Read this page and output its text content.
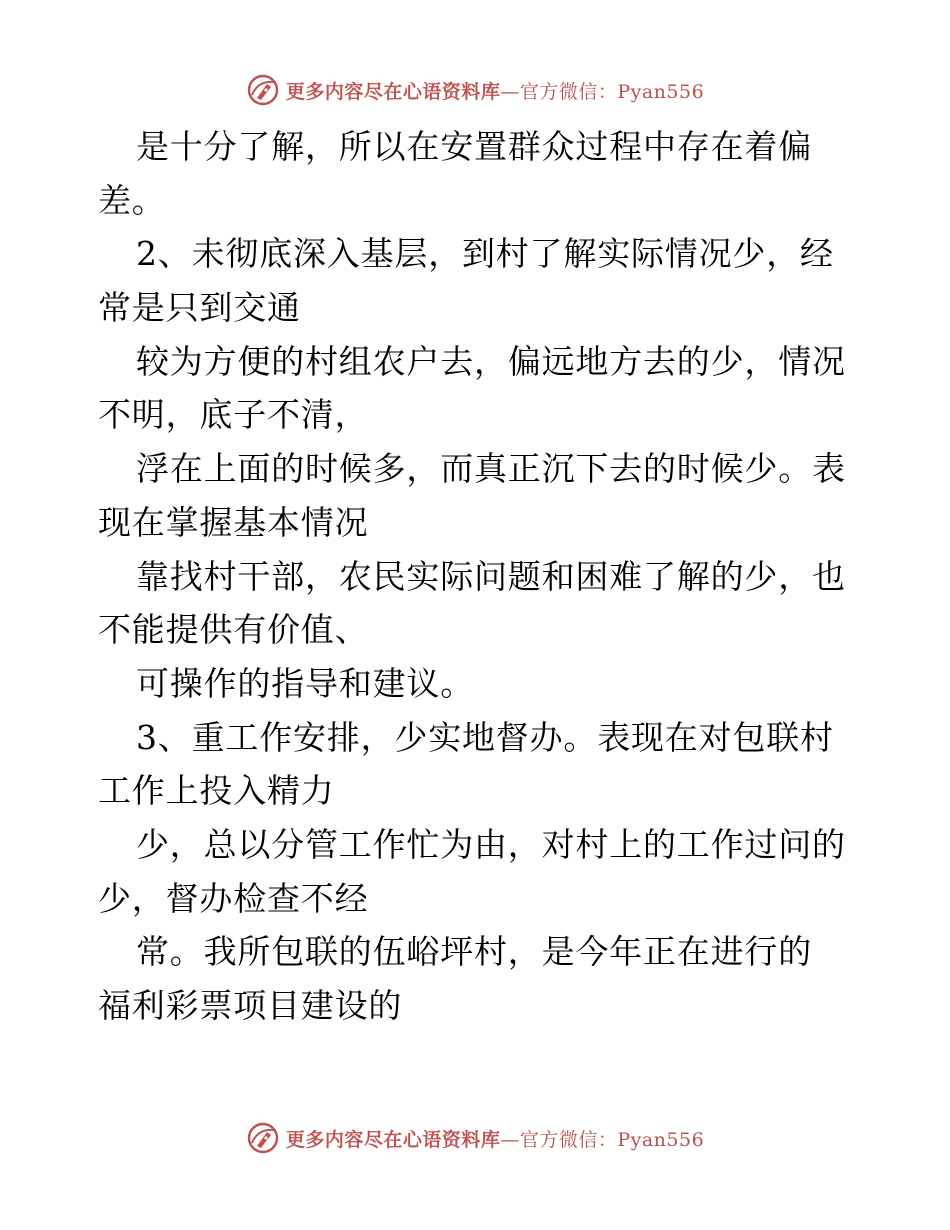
更多内容尽在心语资料库—官方微信：Pyan556
是十分了解，所以在安置群众过程中存在着偏
差。
2、未彻底深入基层，到村了解实际情况少，经
常是只到交通
较为方便的村组农户去，偏远地方去的少，情况
不明，底子不清，
浮在上面的时候多，而真正沉下去的时候少。表
现在掌握基本情况
靠找村干部，农民实际问题和困难了解的少，也
不能提供有价值、
可操作的指导和建议。
3、重工作安排，少实地督办。表现在对包联村
工作上投入精力
少，总以分管工作忙为由，对村上的工作过问的
少，督办检查不经
常。我所包联的伍峪坪村，是今年正在进行的
福利彩票项目建设的
更多内容尽在心语资料库—官方微信：Pyan556
